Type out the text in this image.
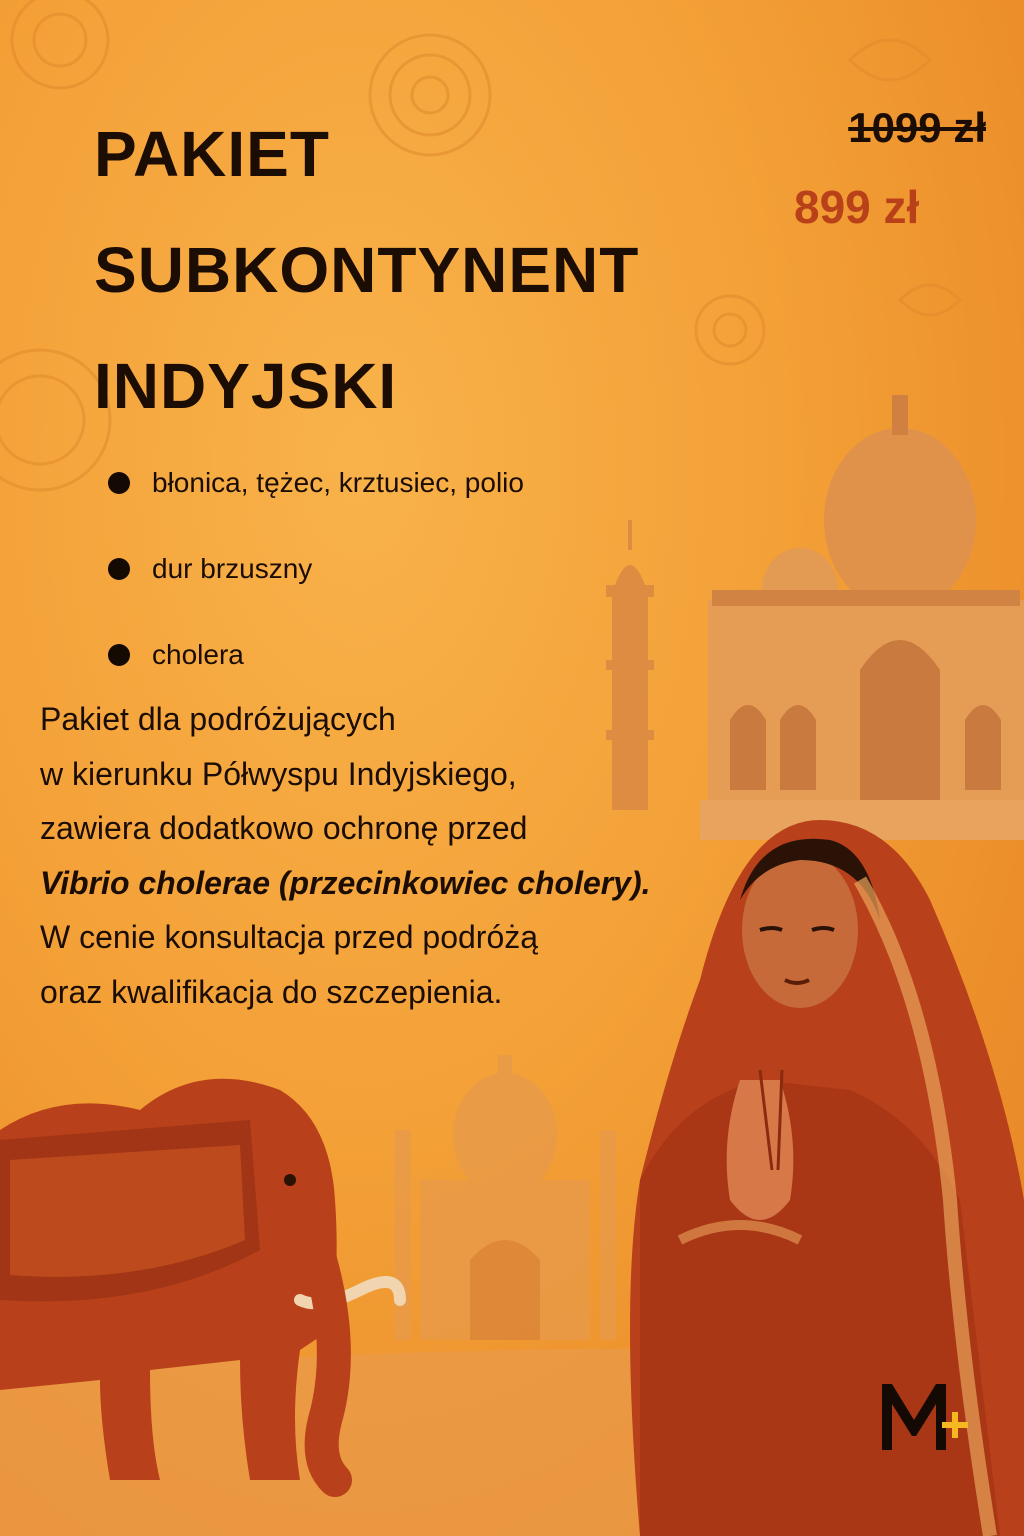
PAKIET
SUBKONTYNENT
INDYJSKI
1099 zł
899 zł
błonica, tężec, krztusiec, polio
dur brzuszny
cholera

Pakiet dla podróżujących

w kierunku Półwyspu Indyjskiego,

zawiera dodatkowo ochronę przed

Vibrio cholerae (przecinkowiec cholery).

W cenie konsultacja przed podróżą

oraz kwalifikacja do szczepienia.
